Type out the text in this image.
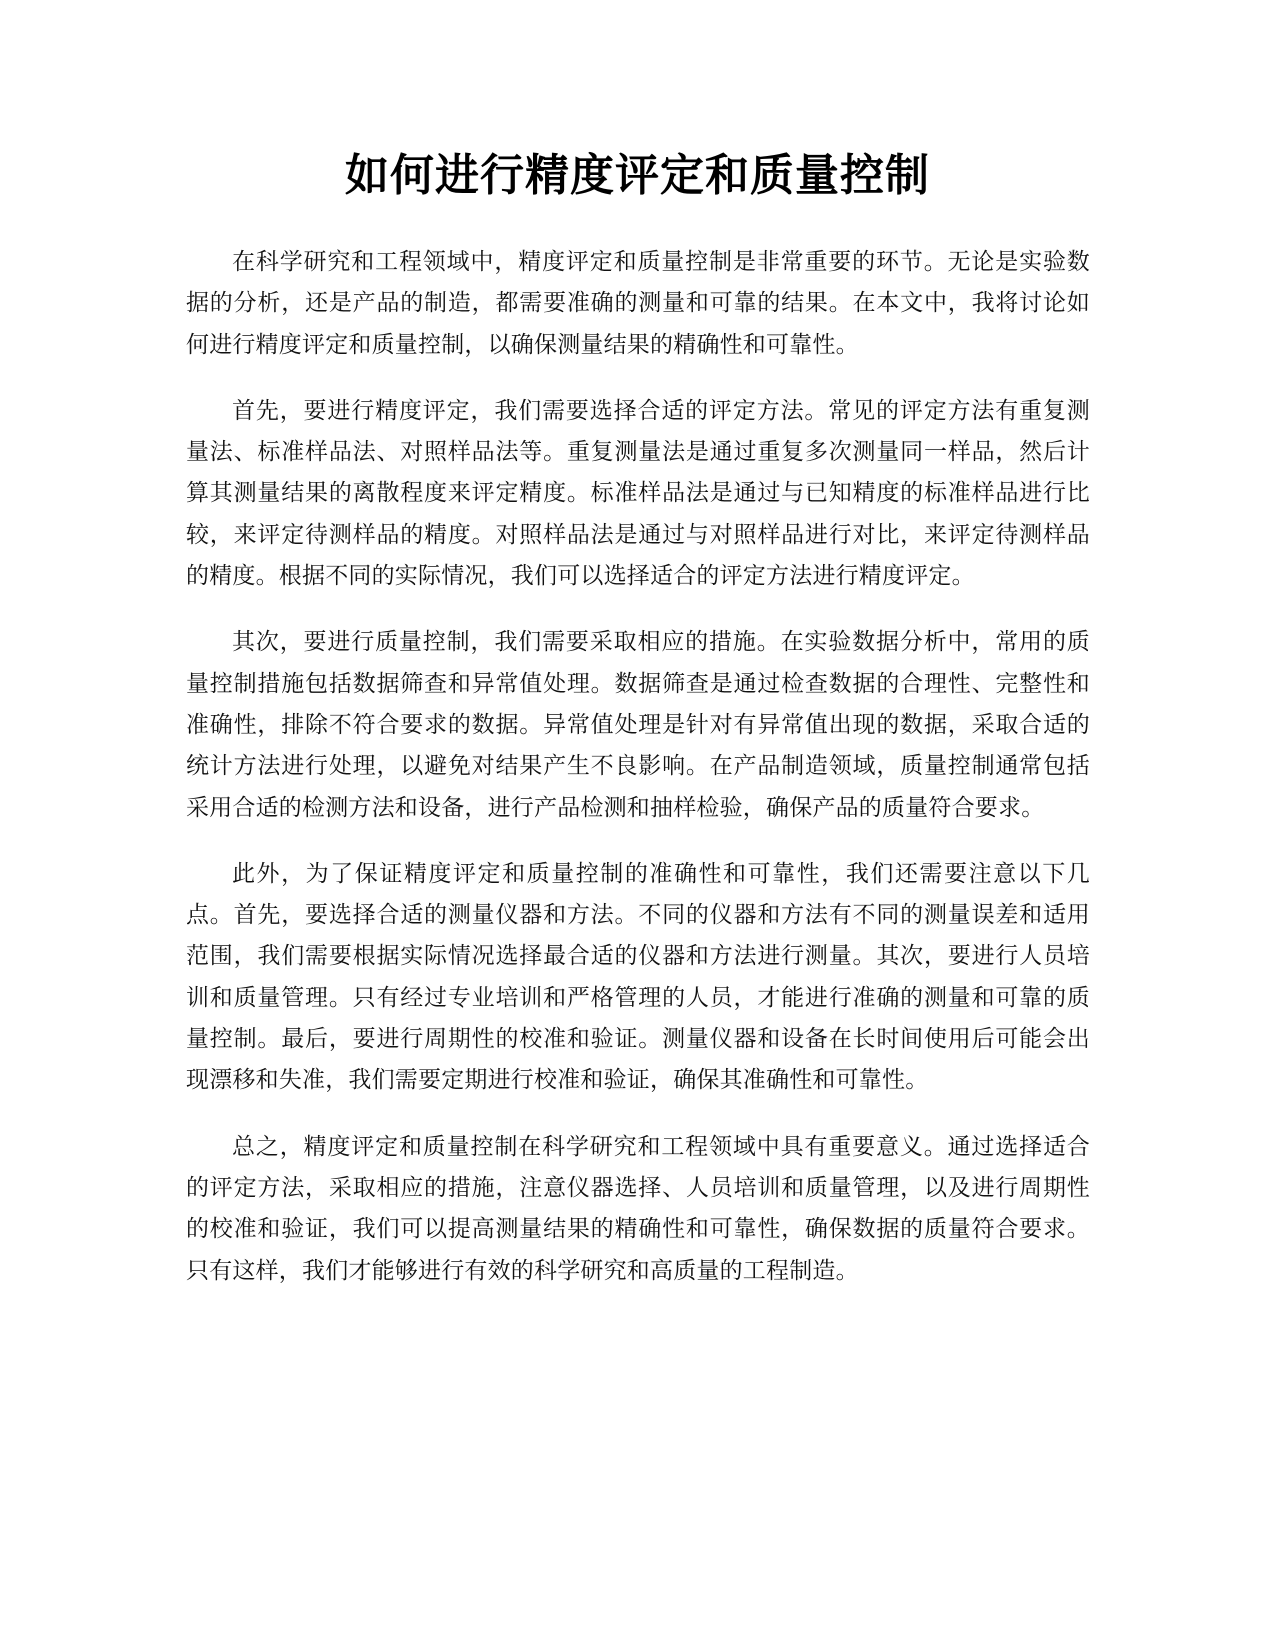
如何进行精度评定和质量控制

在科学研究和工程领域中，精度评定和质量控制是非常重要的环节。无论是实验数据的分析，还是产品的制造，都需要准确的测量和可靠的结果。在本文中，我将讨论如何进行精度评定和质量控制，以确保测量结果的精确性和可靠性。

首先，要进行精度评定，我们需要选择合适的评定方法。常见的评定方法有重复测量法、标准样品法、对照样品法等。重复测量法是通过重复多次测量同一样品，然后计算其测量结果的离散程度来评定精度。标准样品法是通过与已知精度的标准样品进行比较，来评定待测样品的精度。对照样品法是通过与对照样品进行对比，来评定待测样品的精度。根据不同的实际情况，我们可以选择适合的评定方法进行精度评定。

其次，要进行质量控制，我们需要采取相应的措施。在实验数据分析中，常用的质量控制措施包括数据筛查和异常值处理。数据筛查是通过检查数据的合理性、完整性和准确性，排除不符合要求的数据。异常值处理是针对有异常值出现的数据，采取合适的统计方法进行处理，以避免对结果产生不良影响。在产品制造领域，质量控制通常包括采用合适的检测方法和设备，进行产品检测和抽样检验，确保产品的质量符合要求。

此外，为了保证精度评定和质量控制的准确性和可靠性，我们还需要注意以下几点。首先，要选择合适的测量仪器和方法。不同的仪器和方法有不同的测量误差和适用范围，我们需要根据实际情况选择最合适的仪器和方法进行测量。其次，要进行人员培训和质量管理。只有经过专业培训和严格管理的人员，才能进行准确的测量和可靠的质量控制。最后，要进行周期性的校准和验证。测量仪器和设备在长时间使用后可能会出现漂移和失准，我们需要定期进行校准和验证，确保其准确性和可靠性。

总之，精度评定和质量控制在科学研究和工程领域中具有重要意义。通过选择适合的评定方法，采取相应的措施，注意仪器选择、人员培训和质量管理，以及进行周期性的校准和验证，我们可以提高测量结果的精确性和可靠性，确保数据的质量符合要求。只有这样，我们才能够进行有效的科学研究和高质量的工程制造。
